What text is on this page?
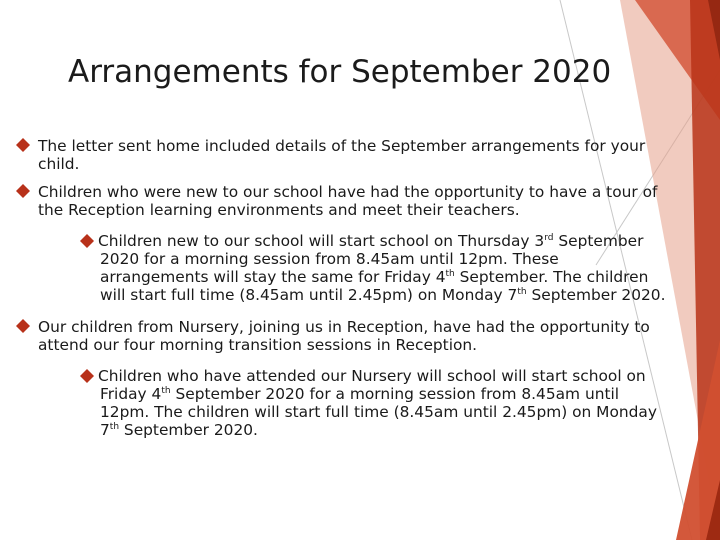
Arrangements for September 2020
The letter sent home included details of the September arrangements for your
child.
Children who were new to our school have had the opportunity to have a tour of
the Reception learning environments and meet their teachers.
Children new to our school will start school on Thursday 3rd September
2020 for a morning session from 8.45am until 12pm. These
arrangements will stay the same for Friday 4th September. The children
will start full time (8.45am until 2.45pm) on Monday 7th September 2020.
Our children from Nursery, joining us in Reception, have had the opportunity to
attend our four morning transition sessions in Reception.
Children who have attended our Nursery will school will start school on
Friday 4th September 2020 for a morning session from 8.45am until
12pm. The children will start full time (8.45am until 2.45pm) on Monday
7th September 2020.
